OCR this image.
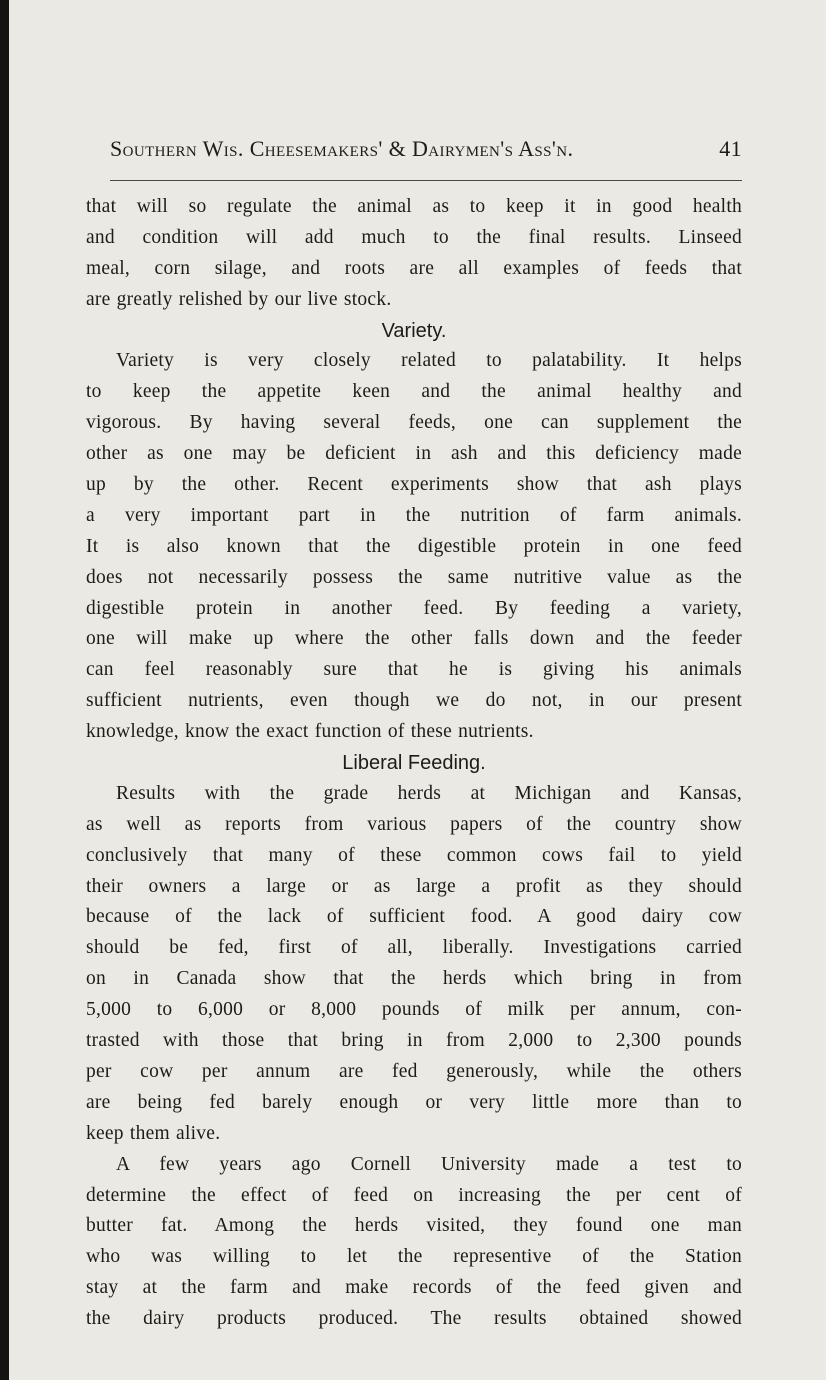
Southern Wis. Cheesemakers' & Dairymen's Ass'n.	41
that will so regulate the animal as to keep it in good health
and condition will add much to the final results. Linseed
meal, corn silage, and roots are all examples of feeds that
are greatly relished by our live stock.
Variety.
Variety is very closely related to palatability. It helps
to keep the appetite keen and the animal healthy and
vigorous. By having several feeds, one can supplement the
other as one may be deficient in ash and this deficiency made
up by the other. Recent experiments show that ash plays
a very important part in the nutrition of farm animals.
It is also known that the digestible protein in one feed
does not necessarily possess the same nutritive value as the
digestible protein in another feed. By feeding a variety,
one will make up where the other falls down and the feeder
can feel reasonably sure that he is giving his animals
sufficient nutrients, even though we do not, in our present
knowledge, know the exact function of these nutrients.
Liberal Feeding.
Results with the grade herds at Michigan and Kansas,
as well as reports from various papers of the country show
conclusively that many of these common cows fail to yield
their owners a large or as large a profit as they should
because of the lack of sufficient food. A good dairy cow
should be fed, first of all, liberally. Investigations carried
on in Canada show that the herds which bring in from
5,000 to 6,000 or 8,000 pounds of milk per annum, con-
trasted with those that bring in from 2,000 to 2,300 pounds
per cow per annum are fed generously, while the others
are being fed barely enough or very little more than to
keep them alive.
A few years ago Cornell University made a test to
determine the effect of feed on increasing the per cent of
butter fat. Among the herds visited, they found one man
who was willing to let the representive of the Station
stay at the farm and make records of the feed given and
the dairy products produced. The results obtained showed
